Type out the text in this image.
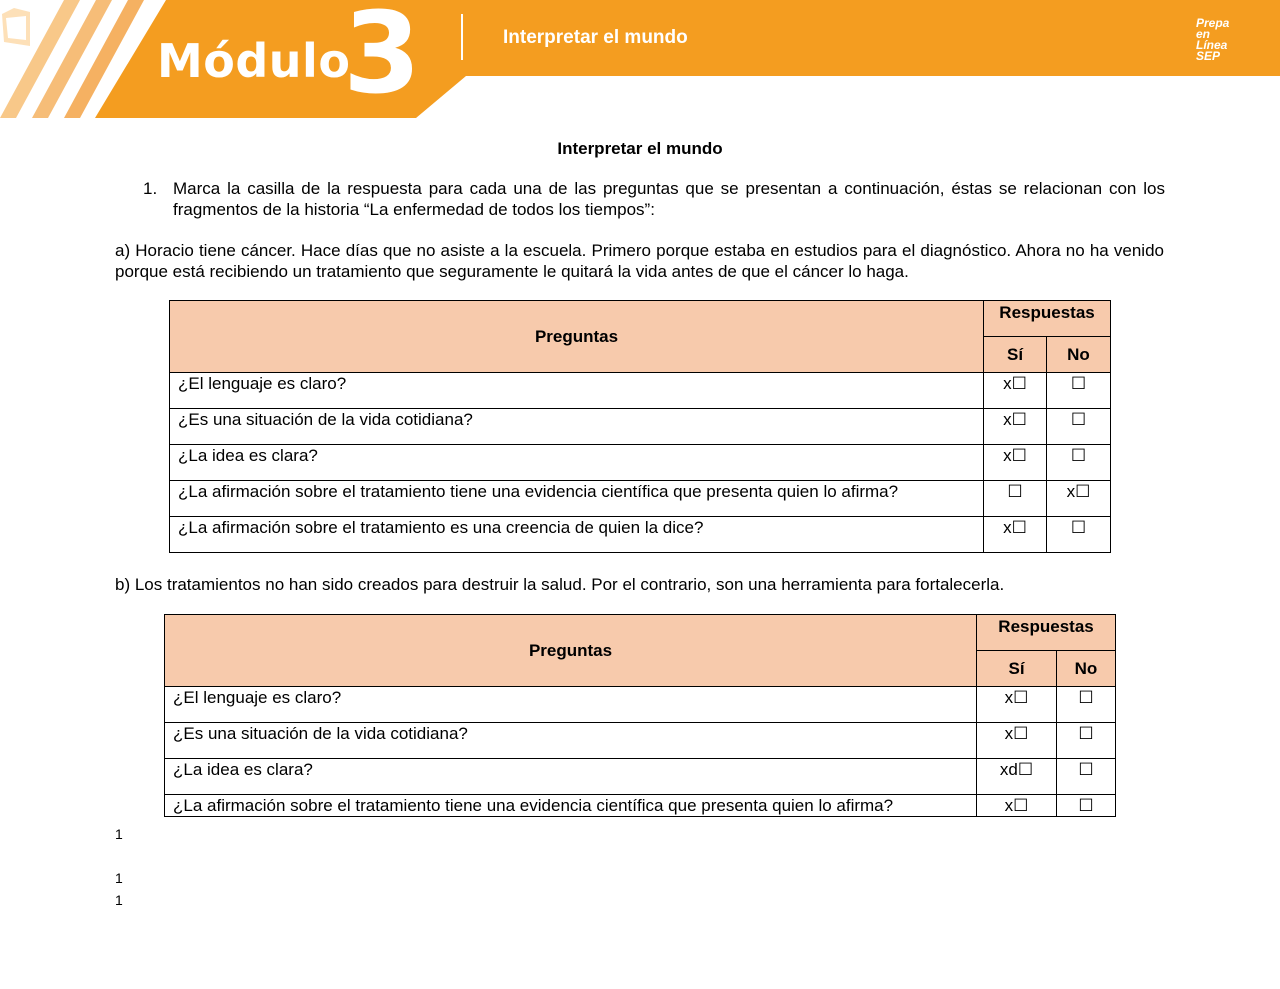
Módulo
3	Interpretar el mundo
Prepa en Línea SEP
Interpretar el mundo
1. Marca la casilla de la respuesta para cada una de las preguntas que se presentan a continuación, éstas se relacionan con los fragmentos de la historia “La enfermedad de todos los tiempos”:
a) Horacio tiene cáncer. Hace días que no asiste a la escuela. Primero porque estaba en estudios para el diagnóstico. Ahora no ha venido porque está recibiendo un tratamiento que seguramente le quitará la vida antes de que el cáncer lo haga.
Preguntas	Respuestas	
	Sí	No
¿El lenguaje es claro?	x☐	☐
¿Es una situación de la vida cotidiana?	x☐	☐
¿La idea es clara?	x☐	☐
¿La afirmación sobre el tratamiento tiene una evidencia científica que presenta quien lo afirma?	☐	x☐
¿La afirmación sobre el tratamiento es una creencia de quien la dice?	x☐	☐
b) Los tratamientos no han sido creados para destruir la salud. Por el contrario, son una herramienta para fortalecerla.
Preguntas	Respuestas	
	Sí	No
¿El lenguaje es claro?	x☐	☐
¿Es una situación de la vida cotidiana?	x☐	☐
¿La idea es clara?	xd☐	☐
¿La afirmación sobre el tratamiento tiene una evidencia científica que presenta quien lo afirma?	x☐	☐
1
1
1
